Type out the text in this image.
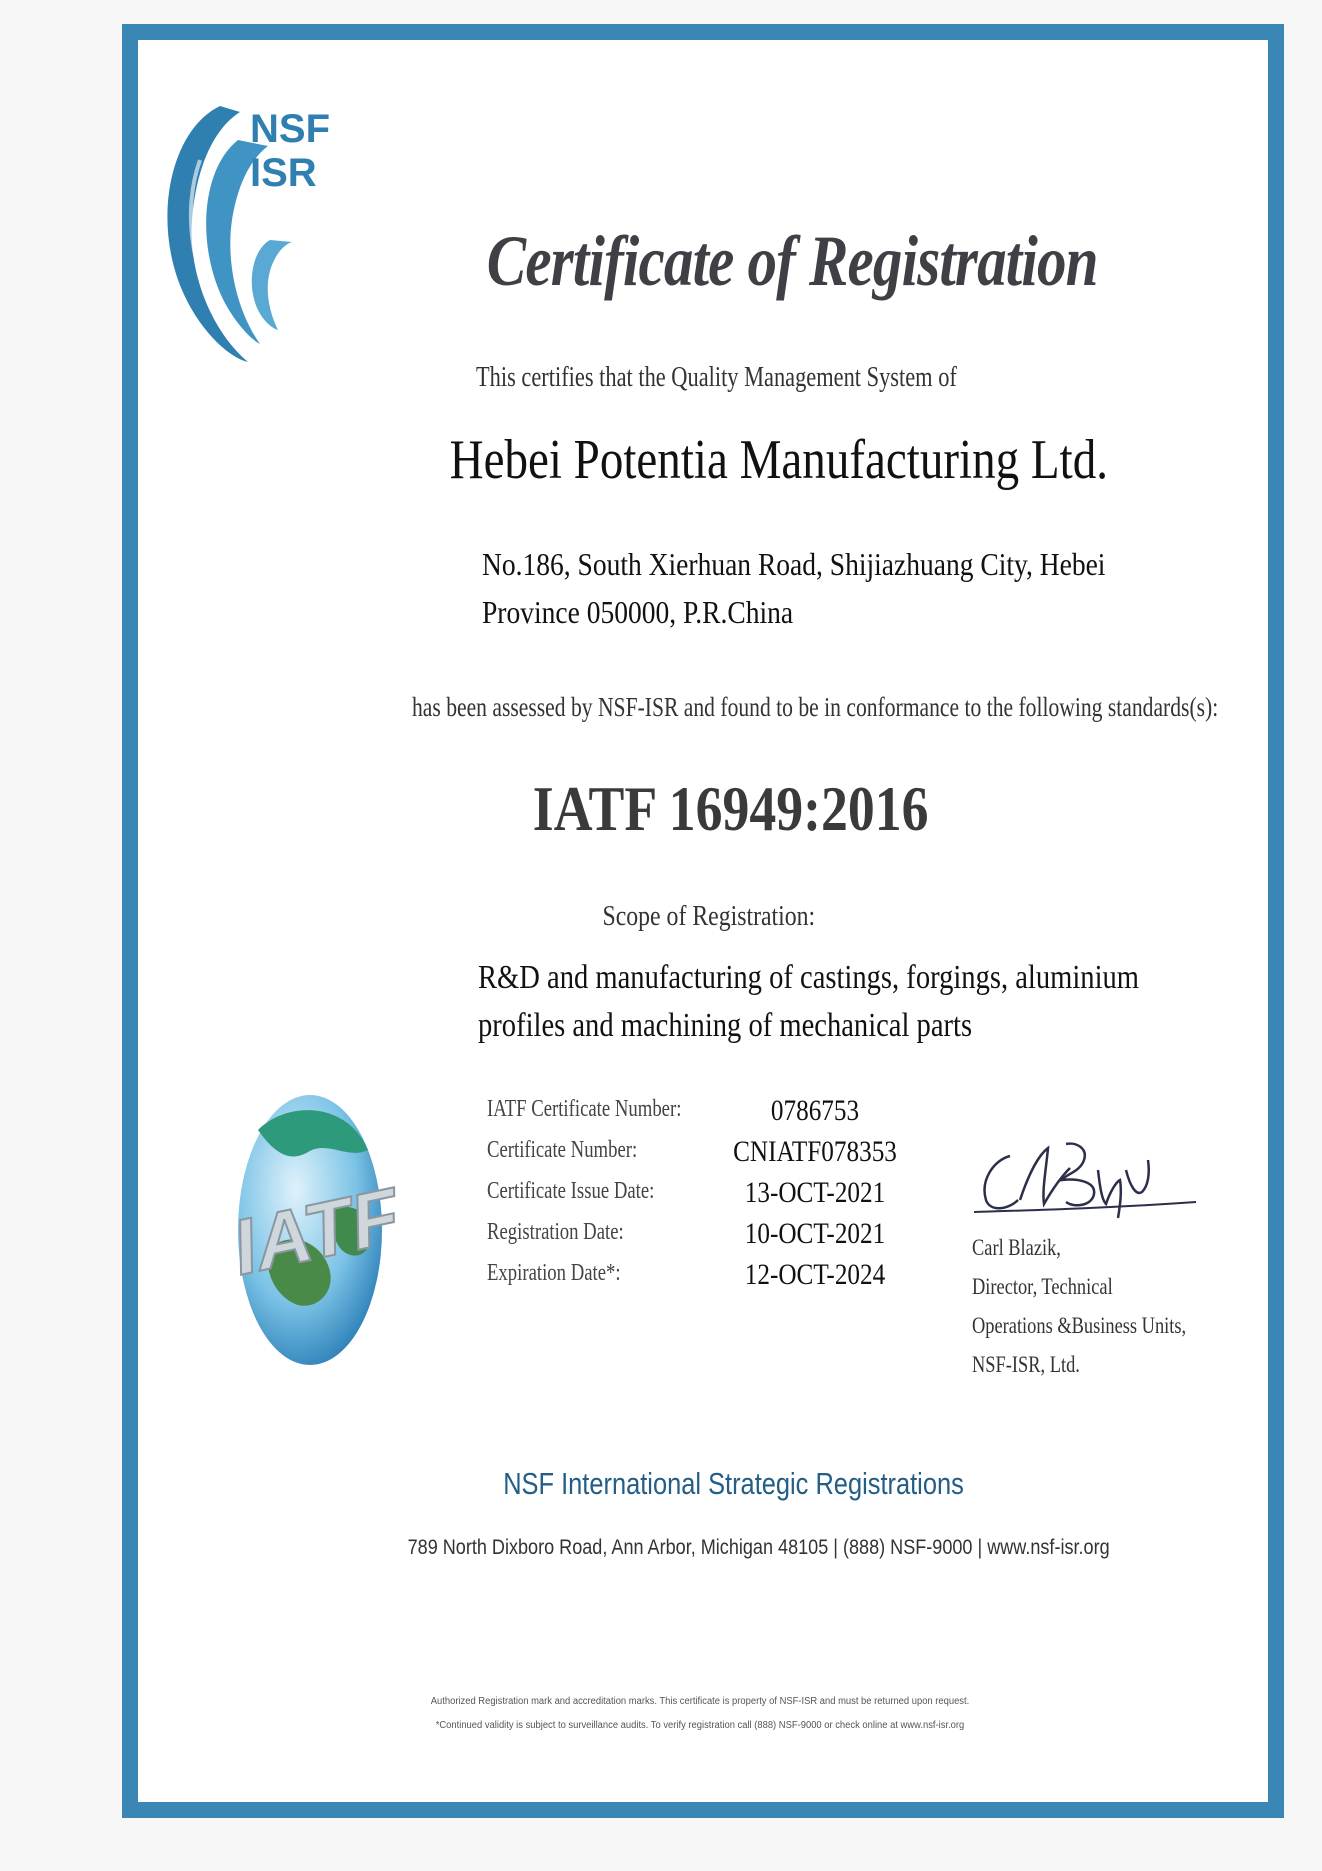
NSF
ISR
Certificate of Registration
This certifies that the Quality Management System of
Hebei Potentia Manufacturing Ltd.
No.186, South Xierhuan Road, Shijiazhuang City, Hebei
Province 050000, P.R.China
has been assessed by NSF-ISR and found to be in conformance to the following standards(s):
IATF 16949:2016
Scope of Registration:
R&D and manufacturing of castings, forgings, aluminium
profiles and machining of mechanical parts
IATF
IATF Certificate Number:	0786753
Certificate Number:	CNIATF078353
Certificate Issue Date:	13-OCT-2021
Registration Date:	10-OCT-2021
Expiration Date*:	12-OCT-2024
Carl Blazik,
Director, Technical
Operations &Business Units,
NSF-ISR, Ltd.
NSF International Strategic Registrations
789 North Dixboro Road, Ann Arbor, Michigan 48105 | (888) NSF-9000 | www.nsf-isr.org
Authorized Registration mark and accreditation marks. This certificate is property of NSF-ISR and must be returned upon request.
*Continued validity is subject to surveillance audits. To verify registration call (888) NSF-9000 or check online at www.nsf-isr.org
